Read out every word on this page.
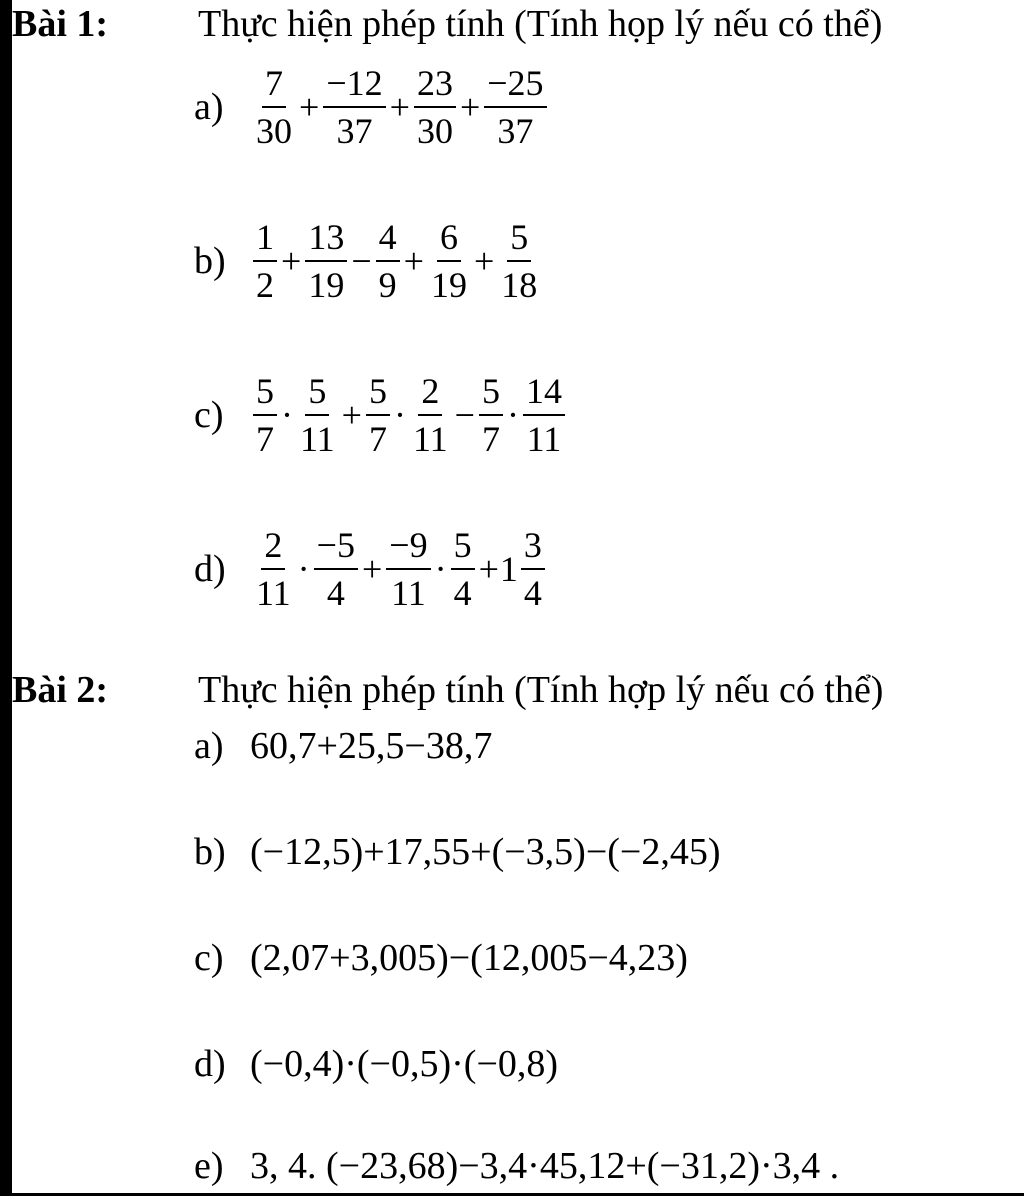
Bài 1: Thực hiện phép tính (Tính họp lý nếu có thể)
$a) \frac{7}{30} + \frac{-12}{37} + \frac{23}{30} + \frac{-25}{37}$
$b) \frac{1}{2} + \frac{13}{19} - \frac{4}{9} + \frac{6}{19} + \frac{5}{18}$
$c) \frac{5}{7} \cdot \frac{5}{11} + \frac{5}{7} \cdot \frac{2}{11} - \frac{5}{7} \cdot \frac{14}{11}$
$d) \frac{2}{11} \cdot \frac{-5}{4} + \frac{-9}{11} \cdot \frac{5}{4} + 1 \frac{3}{4}$
Bài 2: Thực hiện phép tính (Tính hợp lý nếu có thể)
a) 60,7+25,5−38,7
b) (−12,5)+17,55+(−3,5)−(−2,45)
c) (2,07+3,005)−(12,005−4,23)
d) (−0,4)·(−0,5)·(−0,8)
e) 3, 4. (−23,68)−3,4·45,12+(−31,2)·3,4 .
